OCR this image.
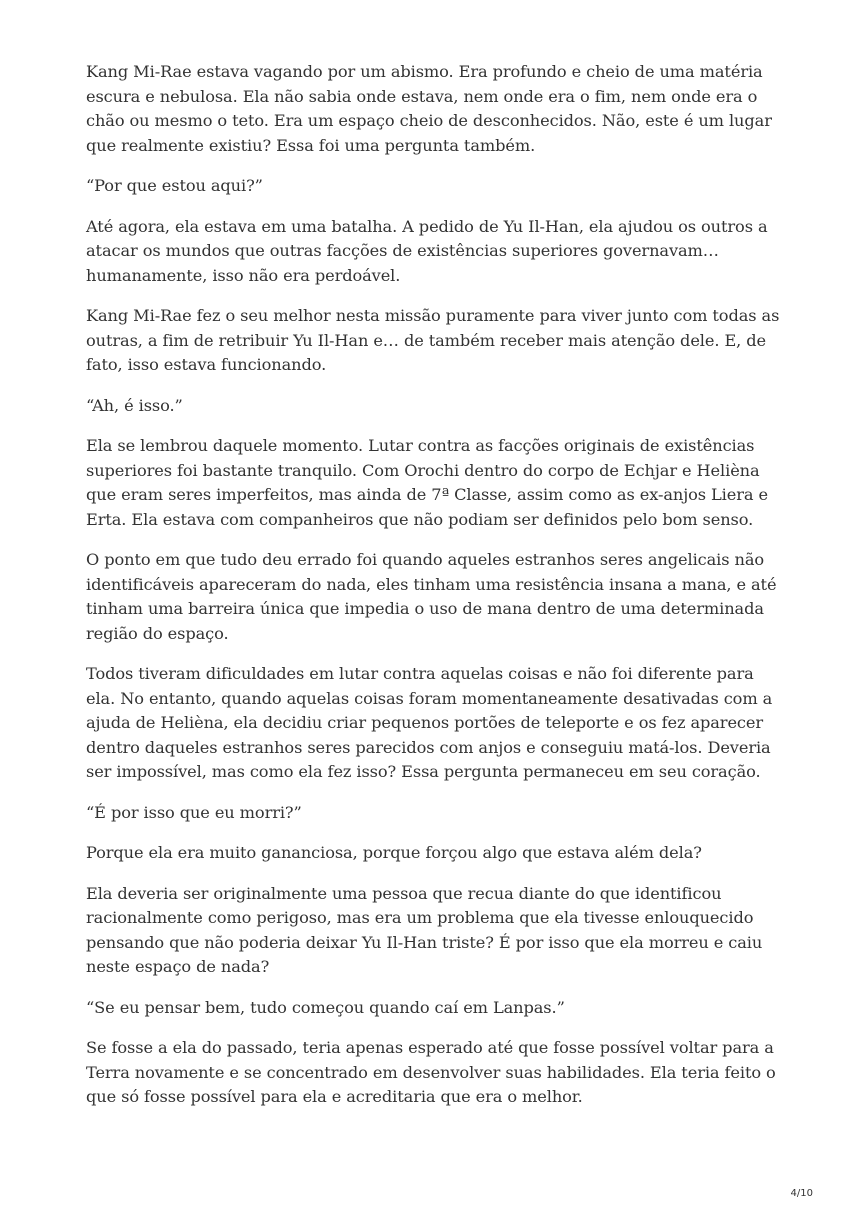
Kang Mi-Rae estava vagando por um abismo. Era profundo e cheio de uma matéria escura e nebulosa. Ela não sabia onde estava, nem onde era o fim, nem onde era o chão ou mesmo o teto. Era um espaço cheio de desconhecidos. Não, este é um lugar que realmente existiu? Essa foi uma pergunta também.

“Por que estou aqui?”

Até agora, ela estava em uma batalha. A pedido de Yu Il-Han, ela ajudou os outros a atacar os mundos que outras facções de existências superiores governavam… humanamente, isso não era perdoável.

Kang Mi-Rae fez o seu melhor nesta missão puramente para viver junto com todas as outras, a fim de retribuir Yu Il-Han e… de também receber mais atenção dele. E, de fato, isso estava funcionando.

“Ah, é isso.”

Ela se lembrou daquele momento. Lutar contra as facções originais de existências superiores foi bastante tranquilo. Com Orochi dentro do corpo de Echjar e Helièna que eram seres imperfeitos, mas ainda de 7ª Classe, assim como as ex-anjos Liera e Erta. Ela estava com companheiros que não podiam ser definidos pelo bom senso.

O ponto em que tudo deu errado foi quando aqueles estranhos seres angelicais não identificáveis apareceram do nada, eles tinham uma resistência insana a mana, e até tinham uma barreira única que impedia o uso de mana dentro de uma determinada região do espaço.

Todos tiveram dificuldades em lutar contra aquelas coisas e não foi diferente para ela. No entanto, quando aquelas coisas foram momentaneamente desativadas com a ajuda de Helièna, ela decidiu criar pequenos portões de teleporte e os fez aparecer dentro daqueles estranhos seres parecidos com anjos e conseguiu matá-los. Deveria ser impossível, mas como ela fez isso? Essa pergunta permaneceu em seu coração.

“É por isso que eu morri?”

Porque ela era muito gananciosa, porque forçou algo que estava além dela?

Ela deveria ser originalmente uma pessoa que recua diante do que identificou racionalmente como perigoso, mas era um problema que ela tivesse enlouquecido pensando que não poderia deixar Yu Il-Han triste? É por isso que ela morreu e caiu neste espaço de nada?

“Se eu pensar bem, tudo começou quando caí em Lanpas.”

Se fosse a ela do passado, teria apenas esperado até que fosse possível voltar para a Terra novamente e se concentrado em desenvolver suas habilidades. Ela teria feito o que só fosse possível para ela e acreditaria que era o melhor.

4/10
